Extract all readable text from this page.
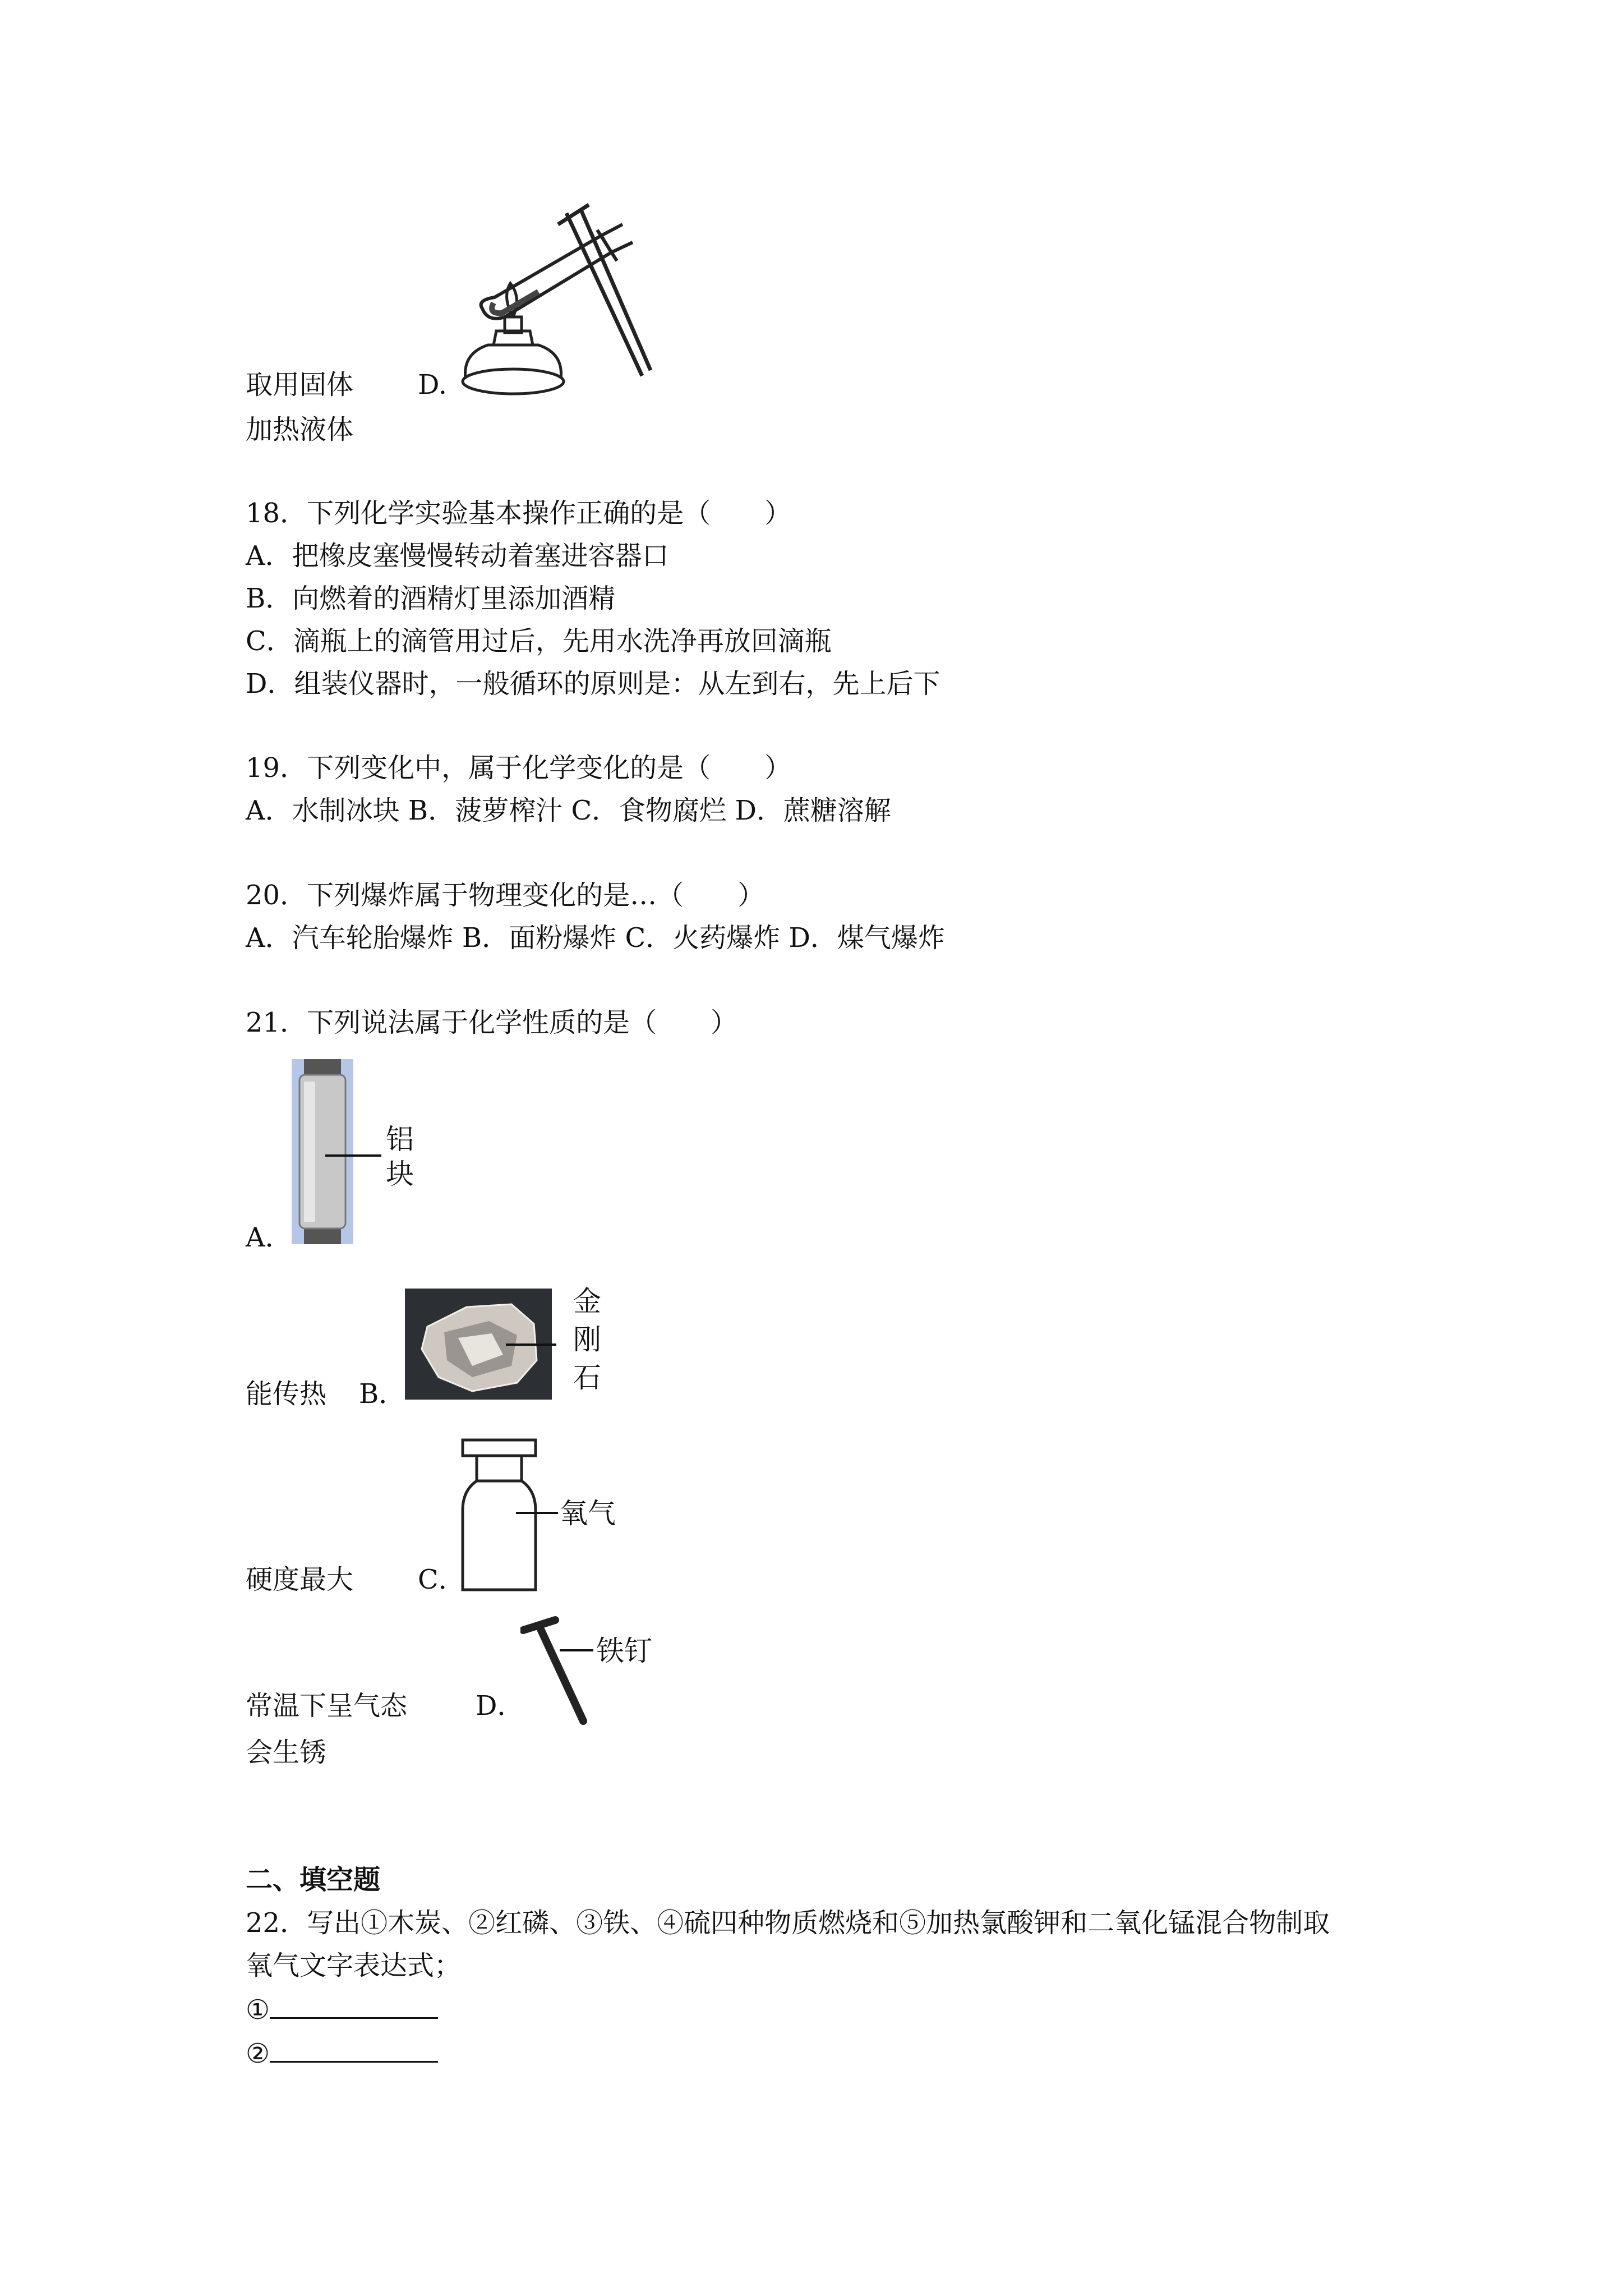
取用固体 D.
加热液体
18．下列化学实验基本操作正确的是（　　）
A．把橡皮塞慢慢转动着塞进容器口
B．向燃着的酒精灯里添加酒精
C．滴瓶上的滴管用过后，先用水洗净再放回滴瓶
D．组装仪器时，一般循环的原则是：从左到右，先上后下
19．下列变化中，属于化学变化的是（　　）
A．水制冰块 B．菠萝榨汁 C．食物腐烂 D．蔗糖溶解
20．下列爆炸属于物理变化的是…（　　）
A．汽车轮胎爆炸 B．面粉爆炸 C．火药爆炸 D．煤气爆炸
21．下列说法属于化学性质的是（　　）
铝
块
A．
金
刚
石
能传热 B．
氧气
硬度最大 C．
铁钉
常温下呈气态	D．
会生锈
二、填空题
22．写出①木炭、②红磷、③铁、④硫四种物质燃烧和⑤加热氯酸钾和二氧化锰混合物制取
氧气文字表达式；
①
②
